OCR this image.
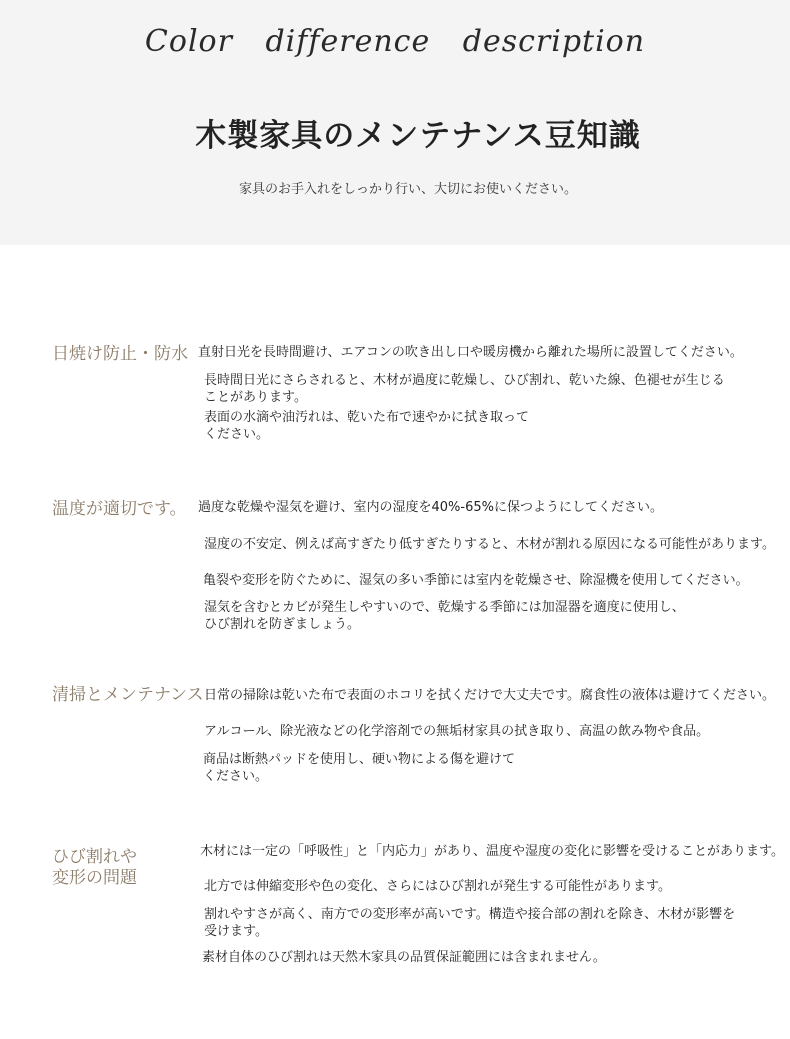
Color difference description
木製家具のメンテナンス豆知識
家具のお手入れをしっかり行い、大切にお使いください。
日焼け防止・防水 直射日光を長時間避け、エアコンの吹き出し口や暖房機から離れた場所に設置してください。
長時間日光にさらされると、木材が過度に乾燥し、ひび割れ、乾いた線、色褪せが生じることがあります。
表面の水滴や油汚れは、乾いた布で速やかに拭き取ってください。
温度が適切です。 過度な乾燥や湿気を避け、室内の湿度を40%-65%に保つようにしてください。
湿度の不安定、例えば高すぎたり低すぎたりすると、木材が割れる原因になる可能性があります。
亀裂や変形を防ぐために、湿気の多い季節には室内を乾燥させ、除湿機を使用してください。
湿気を含むとカビが発生しやすいので、乾燥する季節には加湿器を適度に使用し、ひび割れを防ぎましょう。
清掃とメンテナンス 日常の掃除は乾いた布で表面のホコリを拭くだけで大丈夫です。腐食性の液体は避けてください。
アルコール、除光液などの化学溶剤での無垢材家具の拭き取り、高温の飲み物や食品。
商品は断熱パッドを使用し、硬い物による傷を避けてください。
ひび割れや
変形の問題
木材には一定の「呼吸性」と「内応力」があり、温度や湿度の変化に影響を受けることがあります。
北方では伸縮変形や色の変化、さらにはひび割れが発生する可能性があります。
割れやすさが高く、南方での変形率が高いです。構造や接合部の割れを除き、木材が影響を受けます。
素材自体のひび割れは天然木家具の品質保証範囲には含まれません。
